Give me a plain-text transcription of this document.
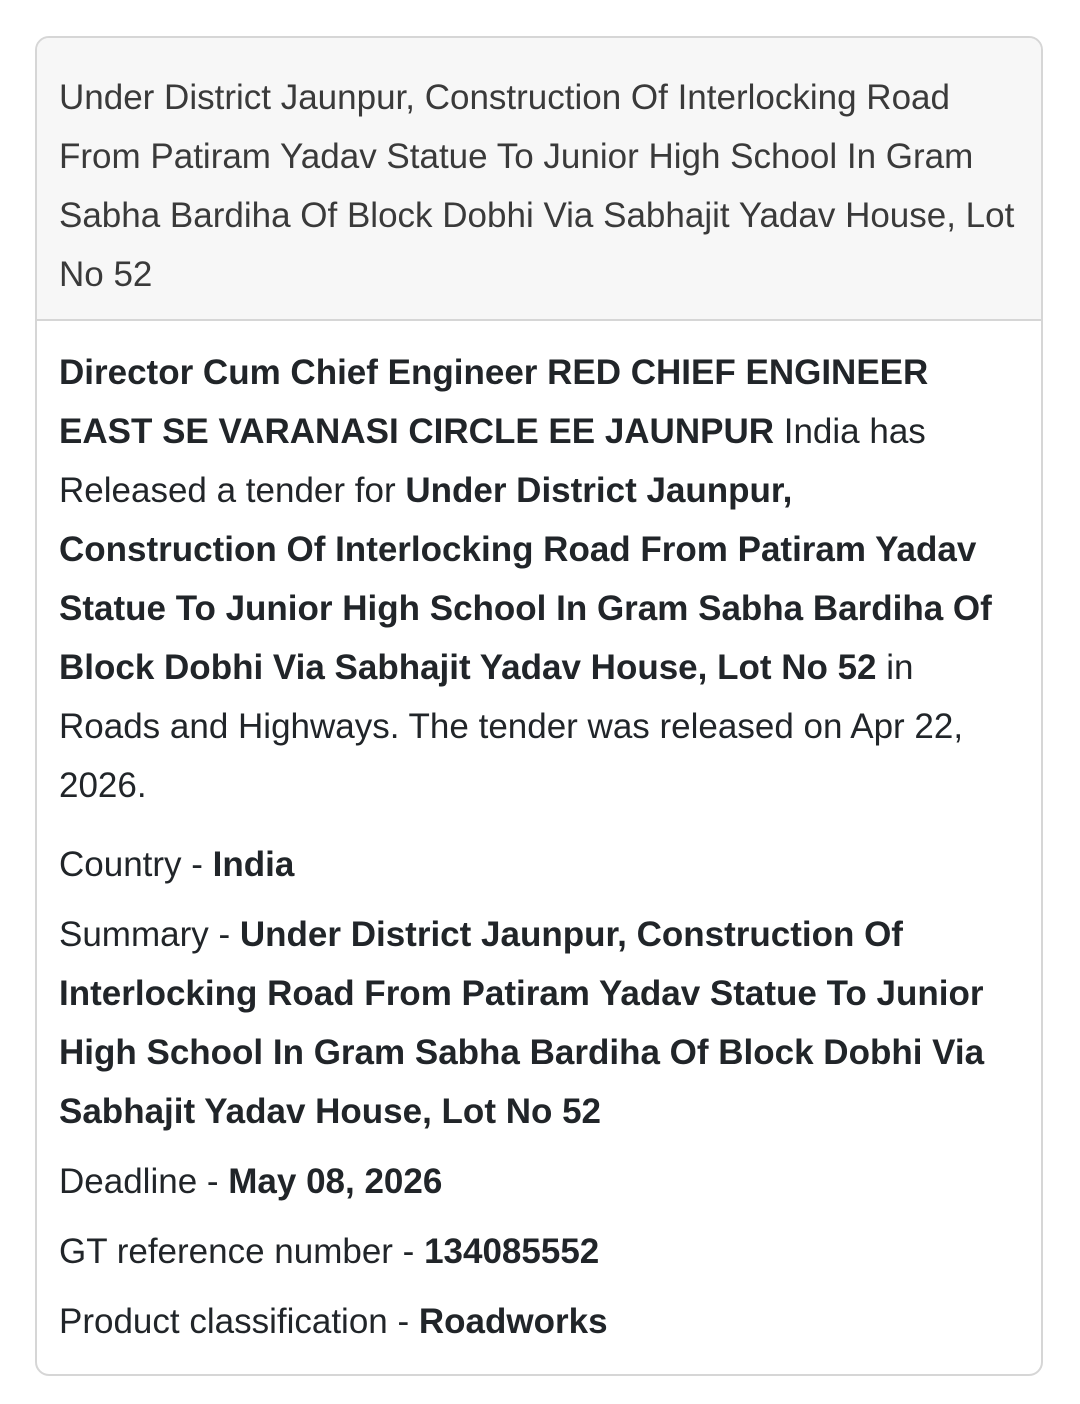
Under District Jaunpur, Construction Of Interlocking Road From Patiram Yadav Statue To Junior High School In Gram Sabha Bardiha Of Block Dobhi Via Sabhajit Yadav House, Lot No 52

Director Cum Chief Engineer RED CHIEF ENGINEER EAST SE VARANASI CIRCLE EE JAUNPUR India has Released a tender for Under District Jaunpur, Construction Of Interlocking Road From Patiram Yadav Statue To Junior High School In Gram Sabha Bardiha Of Block Dobhi Via Sabhajit Yadav House, Lot No 52 in Roads and Highways. The tender was released on Apr 22, 2026.

Country - India

Summary - Under District Jaunpur, Construction Of Interlocking Road From Patiram Yadav Statue To Junior High School In Gram Sabha Bardiha Of Block Dobhi Via Sabhajit Yadav House, Lot No 52

Deadline - May 08, 2026

GT reference number - 134085552

Product classification - Roadworks
